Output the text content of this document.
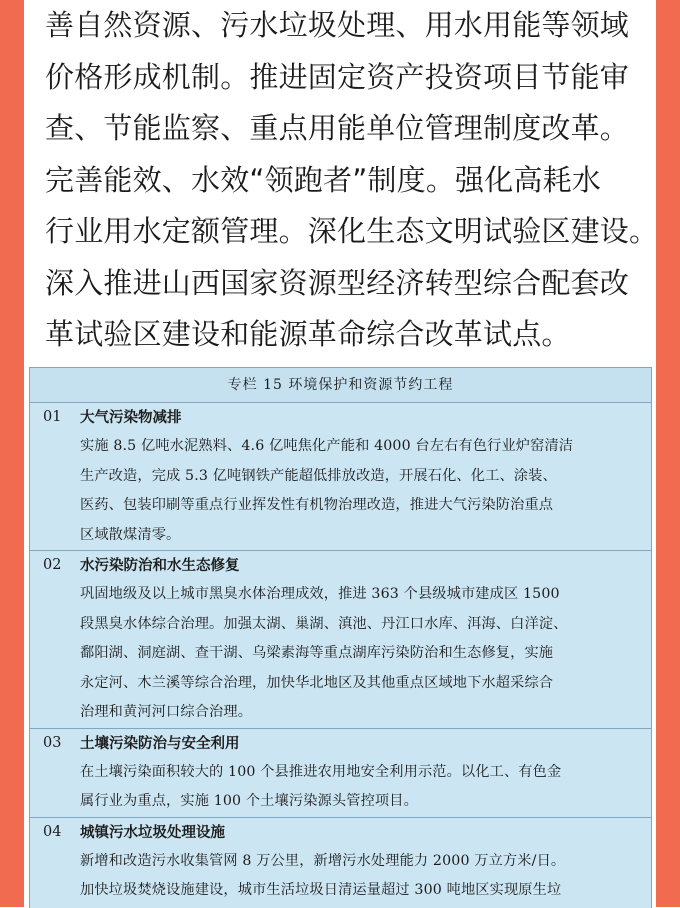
善自然资源、污水垃圾处理、用水用能等领域
价格形成机制。推进固定资产投资项目节能审
查、节能监察、重点用能单位管理制度改革。
完善能效、水效“领跑者”制度。强化高耗水
行业用水定额管理。深化生态文明试验区建设。
深入推进山西国家资源型经济转型综合配套改
革试验区建设和能源革命综合改革试点。
专栏 15 环境保护和资源节约工程
01 大气污染物减排
实施 8.5 亿吨水泥熟料、4.6 亿吨焦化产能和 4000 台左右有色行业炉窑清洁
生产改造，完成 5.3 亿吨钢铁产能超低排放改造，开展石化、化工、涂装、
医药、包装印刷等重点行业挥发性有机物治理改造，推进大气污染防治重点
区域散煤清零。
02 水污染防治和水生态修复
巩固地级及以上城市黑臭水体治理成效，推进 363 个县级城市建成区 1500
段黑臭水体综合治理。加强太湖、巢湖、滇池、丹江口水库、洱海、白洋淀、
鄱阳湖、洞庭湖、查干湖、乌梁素海等重点湖库污染防治和生态修复，实施
永定河、木兰溪等综合治理，加快华北地区及其他重点区域地下水超采综合
治理和黄河河口综合治理。
03 土壤污染防治与安全利用
在土壤污染面积较大的 100 个县推进农用地安全利用示范。以化工、有色金
属行业为重点，实施 100 个土壤污染源头管控项目。
04 城镇污水垃圾处理设施
新增和改造污水收集管网 8 万公里，新增污水处理能力 2000 万立方米/日。
加快垃圾焚烧设施建设，城市生活垃圾日清运量超过 300 吨地区实现原生垃
